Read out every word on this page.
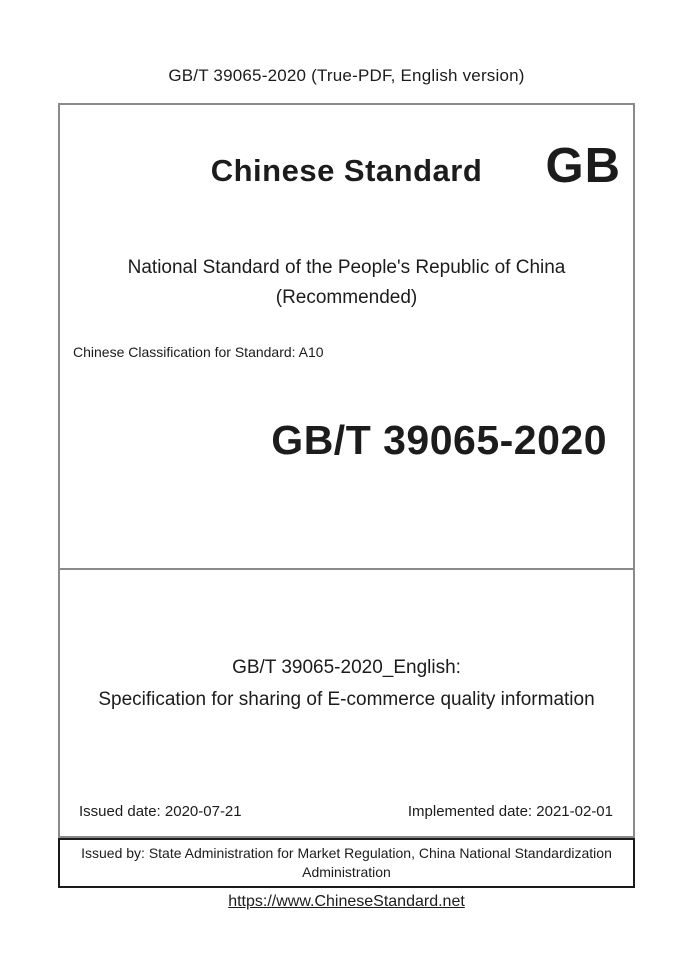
GB/T 39065-2020 (True-PDF, English version)
Chinese Standard	GB
National Standard of the People's Republic of China
(Recommended)
Chinese Classification for Standard: A10
GB/T 39065-2020
GB/T 39065-2020_English:
Specification for sharing of E-commerce quality information
Issued date: 2020-07-21	Implemented date: 2021-02-01
Issued by: State Administration for Market Regulation, China National Standardization Administration
https://www.ChineseStandard.net
